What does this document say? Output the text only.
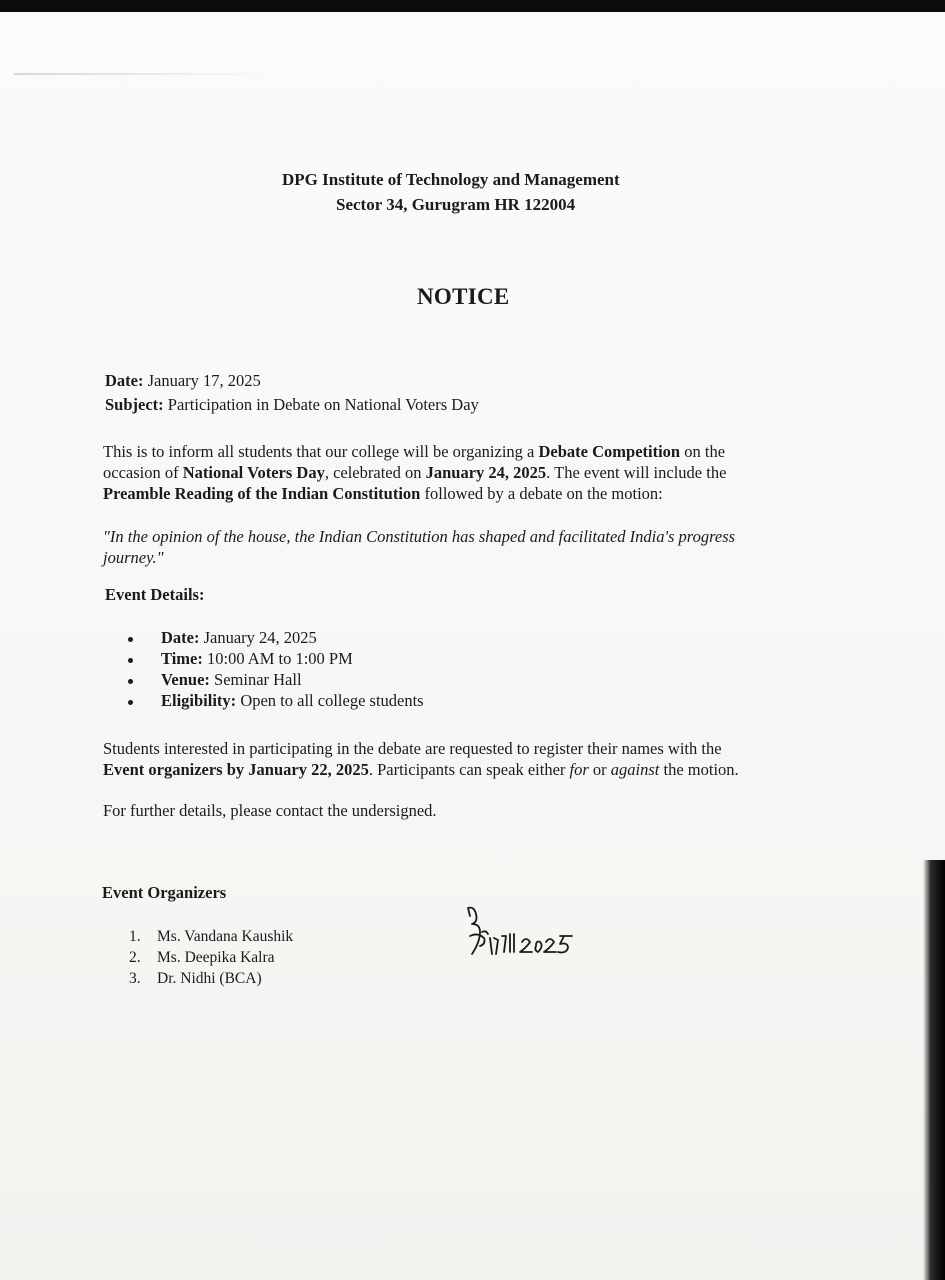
DPG Institute of Technology and Management
Sector 34, Gurugram HR 122004
NOTICE
Date: January 17, 2025
Subject: Participation in Debate on National Voters Day
This is to inform all students that our college will be organizing a Debate Competition on the
occasion of National Voters Day, celebrated on January 24, 2025. The event will include the
Preamble Reading of the Indian Constitution followed by a debate on the motion:
"In the opinion of the house, the Indian Constitution has shaped and facilitated India's progress
journey."
Event Details:
Date: January 24, 2025
Time: 10:00 AM to 1:00 PM
Venue: Seminar Hall
Eligibility: Open to all college students
Students interested in participating in the debate are requested to register their names with the
Event organizers by January 22, 2025. Participants can speak either for or against the motion.
For further details, please contact the undersigned.
Event Organizers
1. Ms. Vandana Kaushik
2. Ms. Deepika Kalra
3. Dr. Nidhi (BCA)
